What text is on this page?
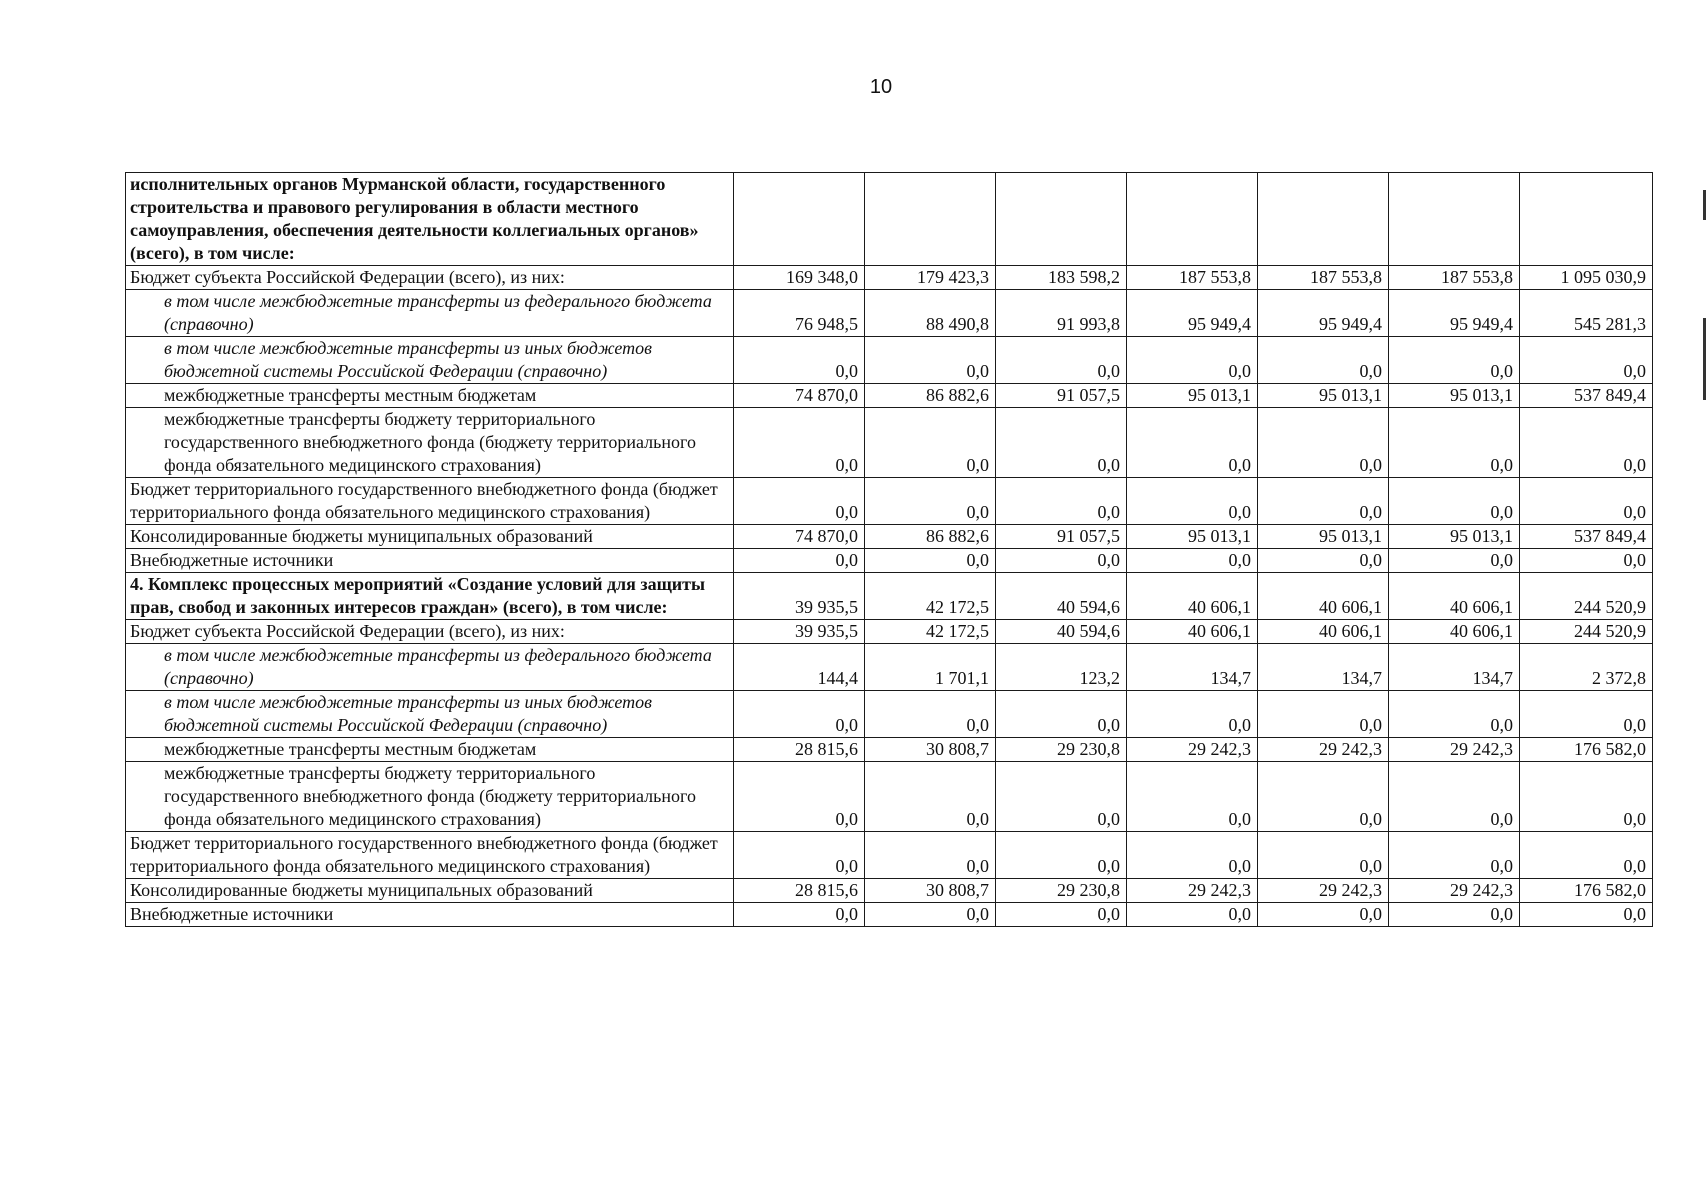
10
исполнительных органов Мурманской области, государственного строительства и правового регулирования в области местного самоуправления, обеспечения деятельности коллегиальных органов» (всего), в том числе:							
Бюджет субъекта Российской Федерации (всего), из них:	169 348,0	179 423,3	183 598,2	187 553,8	187 553,8	187 553,8	1 095 030,9
в том числе межбюджетные трансферты из федерального бюджета (справочно)	76 948,5	88 490,8	91 993,8	95 949,4	95 949,4	95 949,4	545 281,3
в том числе межбюджетные трансферты из иных бюджетов бюджетной системы Российской Федерации (справочно)	0,0	0,0	0,0	0,0	0,0	0,0	0,0
межбюджетные трансферты местным бюджетам	74 870,0	86 882,6	91 057,5	95 013,1	95 013,1	95 013,1	537 849,4
межбюджетные трансферты бюджету территориального государственного внебюджетного фонда (бюджету территориального фонда обязательного медицинского страхования)	0,0	0,0	0,0	0,0	0,0	0,0	0,0
Бюджет территориального государственного внебюджетного фонда (бюджет территориального фонда обязательного медицинского страхования)	0,0	0,0	0,0	0,0	0,0	0,0	0,0
Консолидированные бюджеты муниципальных образований	74 870,0	86 882,6	91 057,5	95 013,1	95 013,1	95 013,1	537 849,4
Внебюджетные источники	0,0	0,0	0,0	0,0	0,0	0,0	0,0
4. Комплекс процессных мероприятий «Создание условий для защиты прав, свобод и законных интересов граждан» (всего), в том числе:	39 935,5	42 172,5	40 594,6	40 606,1	40 606,1	40 606,1	244 520,9
Бюджет субъекта Российской Федерации (всего), из них:	39 935,5	42 172,5	40 594,6	40 606,1	40 606,1	40 606,1	244 520,9
в том числе межбюджетные трансферты из федерального бюджета (справочно)	144,4	1 701,1	123,2	134,7	134,7	134,7	2 372,8
в том числе межбюджетные трансферты из иных бюджетов бюджетной системы Российской Федерации (справочно)	0,0	0,0	0,0	0,0	0,0	0,0	0,0
межбюджетные трансферты местным бюджетам	28 815,6	30 808,7	29 230,8	29 242,3	29 242,3	29 242,3	176 582,0
межбюджетные трансферты бюджету территориального государственного внебюджетного фонда (бюджету территориального фонда обязательного медицинского страхования)	0,0	0,0	0,0	0,0	0,0	0,0	0,0
Бюджет территориального государственного внебюджетного фонда (бюджет территориального фонда обязательного медицинского страхования)	0,0	0,0	0,0	0,0	0,0	0,0	0,0
Консолидированные бюджеты муниципальных образований	28 815,6	30 808,7	29 230,8	29 242,3	29 242,3	29 242,3	176 582,0
Внебюджетные источники	0,0	0,0	0,0	0,0	0,0	0,0	0,0
